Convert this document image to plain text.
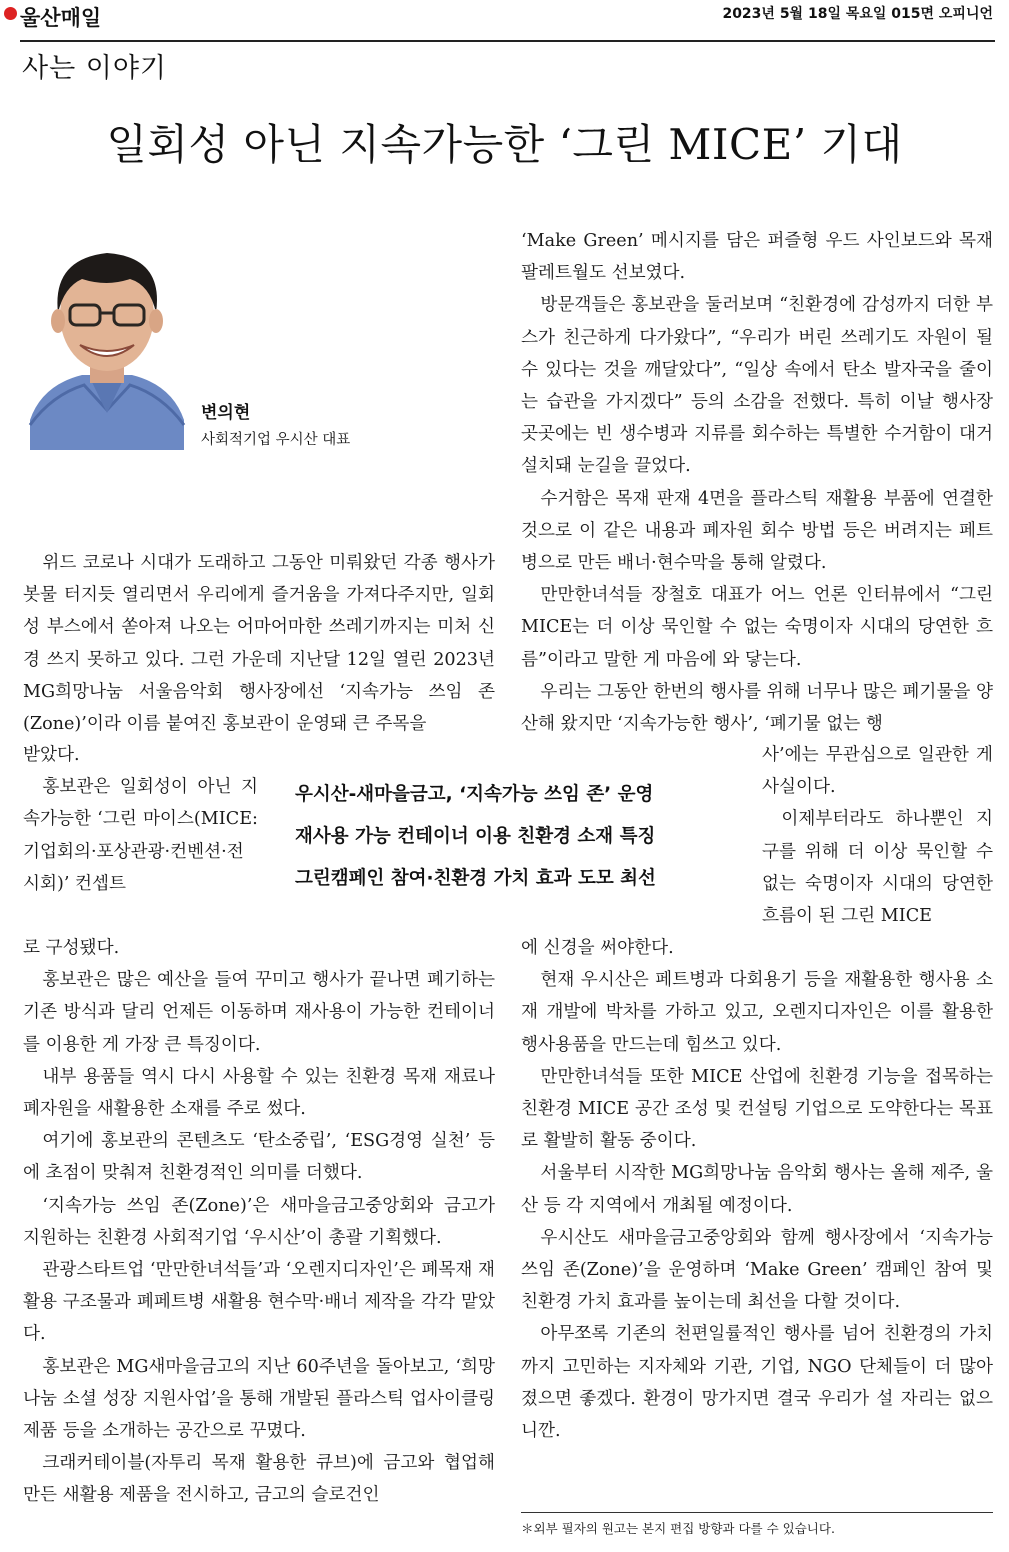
울산매일	2023년 5월 18일 목요일 015면 오피니언
사는 이야기
일회성 아닌 지속가능한 ‘그린 MICE’ 기대
변의현
사회적기업 우시산 대표

위드 코로나 시대가 도래하고 그동안 미뤄왔던 각종 행사가 봇물 터지듯 열리면서 우리에게 즐거움을 가져다주지만, 일회성 부스에서 쏟아져 나오는 어마어마한 쓰레기까지는 미처 신경 쓰지 못하고 있다. 그런 가운데 지난달 12일 열린 2023년 MG희망나눔 서울음악회 행사장에선 ‘지속가능 쓰임 존(Zone)’이라 이름 붙여진 홍보관이 운영돼 큰 주목을

받았다.

홍보관은 일회성이 아닌 지속가능한 ‘그린 마이스(MICE:기업회의·포상관광·컨벤션·전시회)’ 컨셉트

로 구성됐다.

홍보관은 많은 예산을 들여 꾸미고 행사가 끝나면 폐기하는 기존 방식과 달리 언제든 이동하며 재사용이 가능한 컨테이너를 이용한 게 가장 큰 특징이다.

내부 용품들 역시 다시 사용할 수 있는 친환경 목재 재료나 폐자원을 새활용한 소재를 주로 썼다.

여기에 홍보관의 콘텐츠도 ‘탄소중립’, ‘ESG경영 실천’ 등에 초점이 맞춰져 친환경적인 의미를 더했다.

‘지속가능 쓰임 존(Zone)’은 새마을금고중앙회와 금고가 지원하는 친환경 사회적기업 ‘우시산’이 총괄 기획했다.

관광스타트업 ‘만만한녀석들’과 ‘오렌지디자인’은 폐목재 재활용 구조물과 폐페트병 새활용 현수막·배너 제작을 각각 맡았다.

홍보관은 MG새마을금고의 지난 60주년을 돌아보고, ‘희망나눔 소셜 성장 지원사업’을 통해 개발된 플라스틱 업사이클링 제품 등을 소개하는 공간으로 꾸몄다.

크래커테이블(자투리 목재 활용한 큐브)에 금고와 협업해 만든 새활용 제품을 전시하고, 금고의 슬로건인

우시산-새마을금고, ‘지속가능 쓰임 존’ 운영
재사용 가능 컨테이너 이용 친환경 소재 특징
그린캠페인 참여·친환경 가치 효과 도모 최선

‘Make Green’ 메시지를 담은 퍼즐형 우드 사인보드와 목재 팔레트월도 선보였다.

방문객들은 홍보관을 둘러보며 “친환경에 감성까지 더한 부스가 친근하게 다가왔다”, “우리가 버린 쓰레기도 자원이 될 수 있다는 것을 깨달았다”, “일상 속에서 탄소 발자국을 줄이는 습관을 가지겠다” 등의 소감을 전했다. 특히 이날 행사장 곳곳에는 빈 생수병과 지류를 회수하는 특별한 수거함이 대거 설치돼 눈길을 끌었다.

수거함은 목재 판재 4면을 플라스틱 재활용 부품에 연결한 것으로 이 같은 내용과 폐자원 회수 방법 등은 버려지는 페트병으로 만든 배너·현수막을 통해 알렸다.

만만한녀석들 장철호 대표가 어느 언론 인터뷰에서 “그린 MICE는 더 이상 묵인할 수 없는 숙명이자 시대의 당연한 흐름”이라고 말한 게 마음에 와 닿는다.

우리는 그동안 한번의 행사를 위해 너무나 많은 폐기물을 양산해 왔지만 ‘지속가능한 행사’, ‘폐기물 없는 행

사’에는 무관심으로 일관한 게 사실이다.

이제부터라도 하나뿐인 지구를 위해 더 이상 묵인할 수 없는 숙명이자 시대의 당연한 흐름이 된 그린 MICE

에 신경을 써야한다.

현재 우시산은 페트병과 다회용기 등을 재활용한 행사용 소재 개발에 박차를 가하고 있고, 오렌지디자인은 이를 활용한 행사용품을 만드는데 힘쓰고 있다.

만만한녀석들 또한 MICE 산업에 친환경 기능을 접목하는 친환경 MICE 공간 조성 및 컨설팅 기업으로 도약한다는 목표로 활발히 활동 중이다.

서울부터 시작한 MG희망나눔 음악회 행사는 올해 제주, 울산 등 각 지역에서 개최될 예정이다.

우시산도 새마을금고중앙회와 함께 행사장에서 ‘지속가능 쓰임 존(Zone)’을 운영하며 ‘Make Green’ 캠페인 참여 및 친환경 가치 효과를 높이는데 최선을 다할 것이다.

아무쪼록 기존의 천편일률적인 행사를 넘어 친환경의 가치까지 고민하는 지자체와 기관, 기업, NGO 단체들이 더 많아졌으면 좋겠다. 환경이 망가지면 결국 우리가 설 자리는 없으니깐.

＊외부 필자의 원고는 본지 편집 방향과 다를 수 있습니다.
